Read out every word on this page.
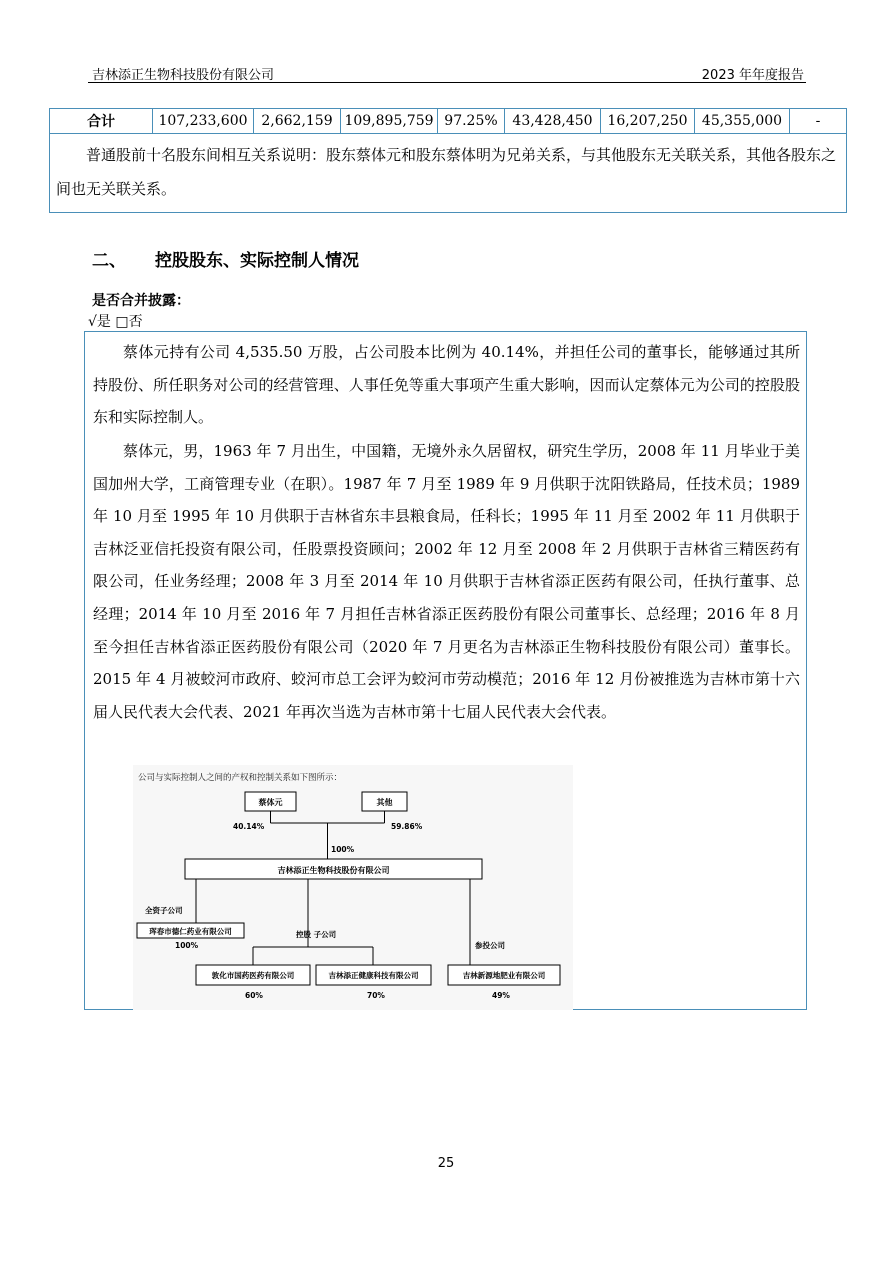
吉林添正生物科技股份有限公司	2023 年年度报告
合计	107,233,600	2,662,159	109,895,759	97.25%	43,428,450	16,207,250	45,355,000	-

普通股前十名股东间相互关系说明：股东蔡体元和股东蔡体明为兄弟关系，与其他股东无关联关系，其他各股东之间也无关联关系。
二、 控股股东、实际控制人情况
是否合并披露：
√是 □否

蔡体元持有公司 4,535.50 万股，占公司股本比例为 40.14%，并担任公司的董事长，能够通过其所持股份、所任职务对公司的经营管理、人事任免等重大事项产生重大影响，因而认定蔡体元为公司的控股股东和实际控制人。

蔡体元，男，1963 年 7 月出生，中国籍，无境外永久居留权，研究生学历，2008 年 11 月毕业于美国加州大学，工商管理专业（在职）。1987 年 7 月至 1989 年 9 月供职于沈阳铁路局，任技术员；1989 年 10 月至 1995 年 10 月供职于吉林省东丰县粮食局，任科长；1995 年 11 月至 2002 年 11 月供职于吉林泛亚信托投资有限公司，任股票投资顾问；2002 年 12 月至 2008 年 2 月供职于吉林省三精医药有限公司，任业务经理；2008 年 3 月至 2014 年 10 月供职于吉林省添正医药有限公司，任执行董事、总经理；2014 年 10 月至 2016 年 7 月担任吉林省添正医药股份有限公司董事长、总经理；2016 年 8 月至今担任吉林省添正医药股份有限公司（2020 年 7 月更名为吉林添正生物科技股份有限公司）董事长。2015 年 4 月被蛟河市政府、蛟河市总工会评为蛟河市劳动模范；2016 年 12 月份被推选为吉林市第十六届人民代表大会代表、2021 年再次当选为吉林市第十七届人民代表大会代表。

公司与实际控制人之间的产权和控制关系如下图所示：
蔡体元	其他
40.14%	59.86%
100%
吉林添正生物科技股份有限公司
全资子公司
珲春市德仁药业有限公司
100%
控股 子公司
参投公司
敦化市国药医药有限公司
60%
吉林添正健康科技有限公司
70%
吉林新源地肥业有限公司
49%
25
